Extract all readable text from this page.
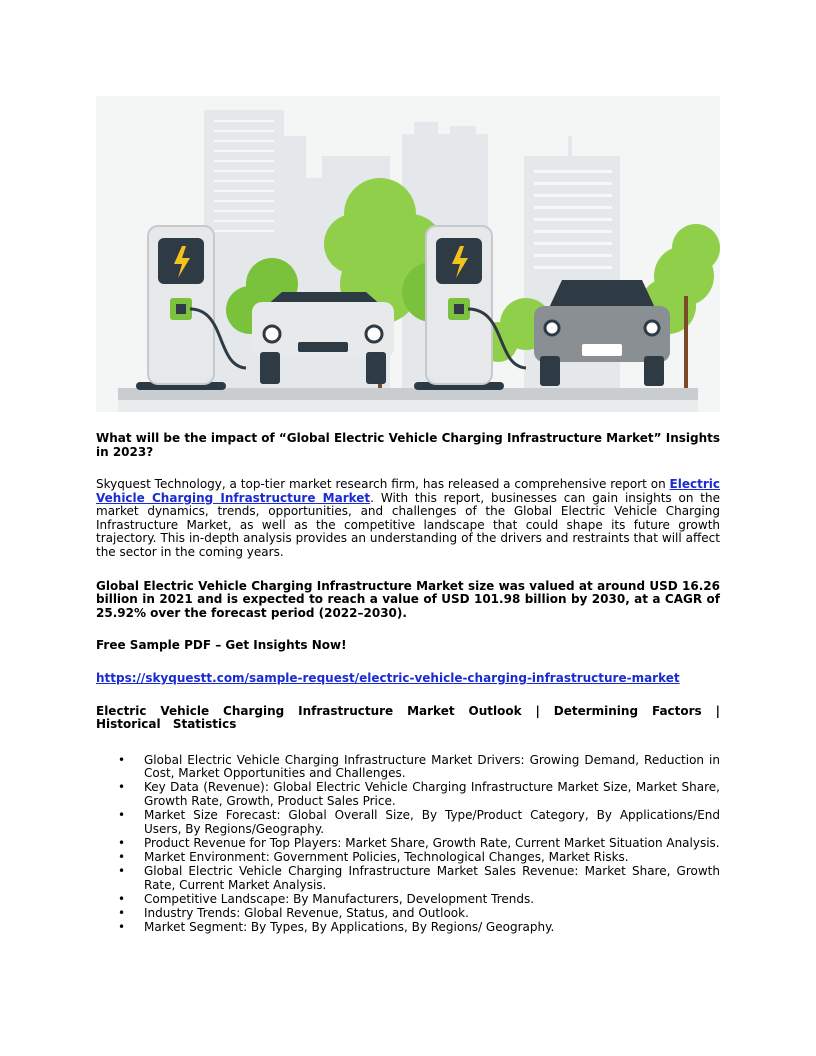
What will be the impact of “Global Electric Vehicle Charging Infrastructure Market” Insights in 2023?

Skyquest Technology, a top-tier market research firm, has released a comprehensive report on Electric Vehicle Charging Infrastructure Market. With this report, businesses can gain insights on the market dynamics, trends, opportunities, and challenges of the Global Electric Vehicle Charging Infrastructure Market, as well as the competitive landscape that could shape its future growth trajectory. This in-depth analysis provides an understanding of the drivers and restraints that will affect the sector in the coming years.

Global Electric Vehicle Charging Infrastructure Market size was valued at around USD 16.26 billion in 2021 and is expected to reach a value of USD 101.98 billion by 2030, at a CAGR of 25.92% over the forecast period (2022–2030).

Free Sample PDF – Get Insights Now!

https://skyquestt.com/sample-request/electric-vehicle-charging-infrastructure-market

Electric Vehicle Charging Infrastructure Market Outlook | Determining Factors | Historical Statistics

• Global Electric Vehicle Charging Infrastructure Market Drivers: Growing Demand, Reduction in Cost, Market Opportunities and Challenges.
• Key Data (Revenue): Global Electric Vehicle Charging Infrastructure Market Size, Market Share, Growth Rate, Growth, Product Sales Price.
• Market Size Forecast: Global Overall Size, By Type/Product Category, By Applications/End Users, By Regions/Geography.
• Product Revenue for Top Players: Market Share, Growth Rate, Current Market Situation Analysis.
• Market Environment: Government Policies, Technological Changes, Market Risks.
• Global Electric Vehicle Charging Infrastructure Market Sales Revenue: Market Share, Growth Rate, Current Market Analysis.
• Competitive Landscape: By Manufacturers, Development Trends.
• Industry Trends: Global Revenue, Status, and Outlook.
• Market Segment: By Types, By Applications, By Regions/ Geography.
